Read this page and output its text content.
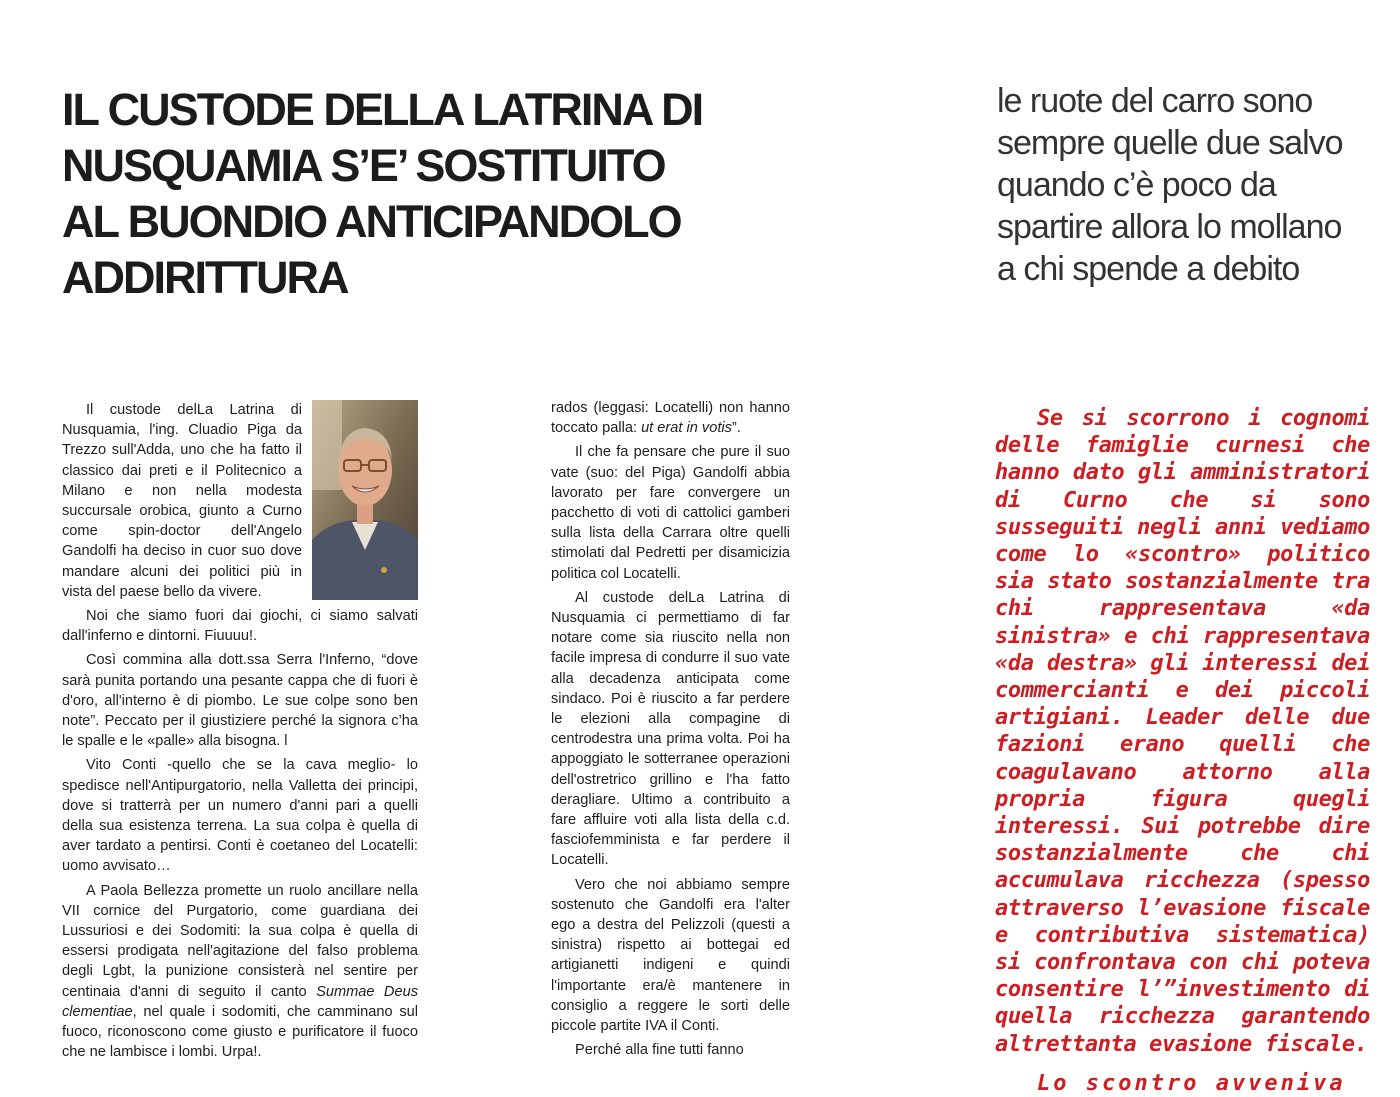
IL CUSTODE DELLA LATRINA DI
NUSQUAMIA S’E’ SOSTITUITO
AL BUONDIO ANTICIPANDOLO
ADDIRITTURA
le ruote del carro sono
sempre quelle due salvo
quando c’è poco da
spartire allora lo mollano
a chi spende a debito

Il custode delLa Latrina di Nusquamia, l'ing. Cluadio Piga da Trezzo sull'Adda, uno che ha fatto il classico dai preti e il Politecnico a Milano e non nella modesta succursale orobica, giunto a Curno come spin-doctor dell'Angelo Gandolfi ha deciso in cuor suo dove mandare alcuni dei politici più in vista del paese bello da vivere.

Noi che siamo fuori dai giochi, ci siamo salvati dall'inferno e dintorni. Fiuuuu!.

Così commina alla dott.ssa Serra l'Inferno, “dove sarà punita portando una pesante cappa che di fuori è d'oro, all'interno è di piombo. Le sue colpe sono ben note”. Peccato per il giustiziere perché la signora c’ha le spalle e le «palle» alla bisogna. l

Vito Conti -quello che se la cava meglio- lo spedisce nell'Antipurgatorio, nella Valletta dei principi, dove si tratterrà per un numero d'anni pari a quelli della sua esistenza terrena. La sua colpa è quella di aver tardato a pentirsi. Conti è coetaneo del Locatelli: uomo avvisato…

A Paola Bellezza promette un ruolo ancillare nella VII cornice del Purgatorio, come guardiana dei Lussuriosi e dei Sodomiti: la sua colpa è quella di essersi prodigata nell'agitazione del falso problema degli Lgbt, la punizione consisterà nel sentire per centinaia d'anni di seguito il canto Summae Deus clementiae, nel quale i sodomiti, che camminano sul fuoco, riconoscono come giusto e purificatore il fuoco che ne lambisce i lombi. Urpa!.

rados (leggasi: Locatelli) non hanno toccato palla: ut erat in votis”.

Il che fa pensare che pure il suo vate (suo: del Piga) Gandolfi abbia lavorato per fare convergere un pacchetto di voti di cattolici gamberi sulla lista della Carrara oltre quelli stimolati dal Pedretti per disamicizia politica col Locatelli.

Al custode delLa Latrina di Nusquamia ci permettiamo di far notare come sia riuscito nella non facile impresa di condurre il suo vate alla decadenza anticipata come sindaco. Poi è riuscito a far perdere le elezioni alla compagine di centrodestra una prima volta. Poi ha appoggiato le sotterranee operazioni dell'ostretrico grillino e l'ha fatto deragliare. Ultimo a contribuito a fare affluire voti alla lista della c.d. fasciofemminista e far perdere il Locatelli.

Vero che noi abbiamo sempre sostenuto che Gandolfi era l'alter ego a destra del Pelizzoli (questi a sinistra) rispetto ai bottegai ed artigianetti indigeni e quindi l'importante era/è mantenere in consiglio a reggere le sorti delle piccole partite IVA il Conti.

Perché alla fine tutti fanno

Se si scorrono i cognomi delle famiglie curnesi che hanno dato gli amministratori di Curno che si sono susseguiti negli anni vediamo come lo «scontro» politico sia stato sostanzialmente tra chi rappresentava «da sinistra» e chi rappresentava «da destra» gli interessi dei commercianti e dei piccoli artigiani. Leader delle due fazioni erano quelli che coagulavano attorno alla propria figura quegli interessi. Sui potrebbe dire sostanzialmente che chi accumulava ricchezza (spesso attraverso l’evasione fiscale e contributiva sistematica) si confrontava con chi poteva consentire l’”investimento di quella ricchezza garantendo altrettanta evasione fiscale.

Lo scontro avveniva
